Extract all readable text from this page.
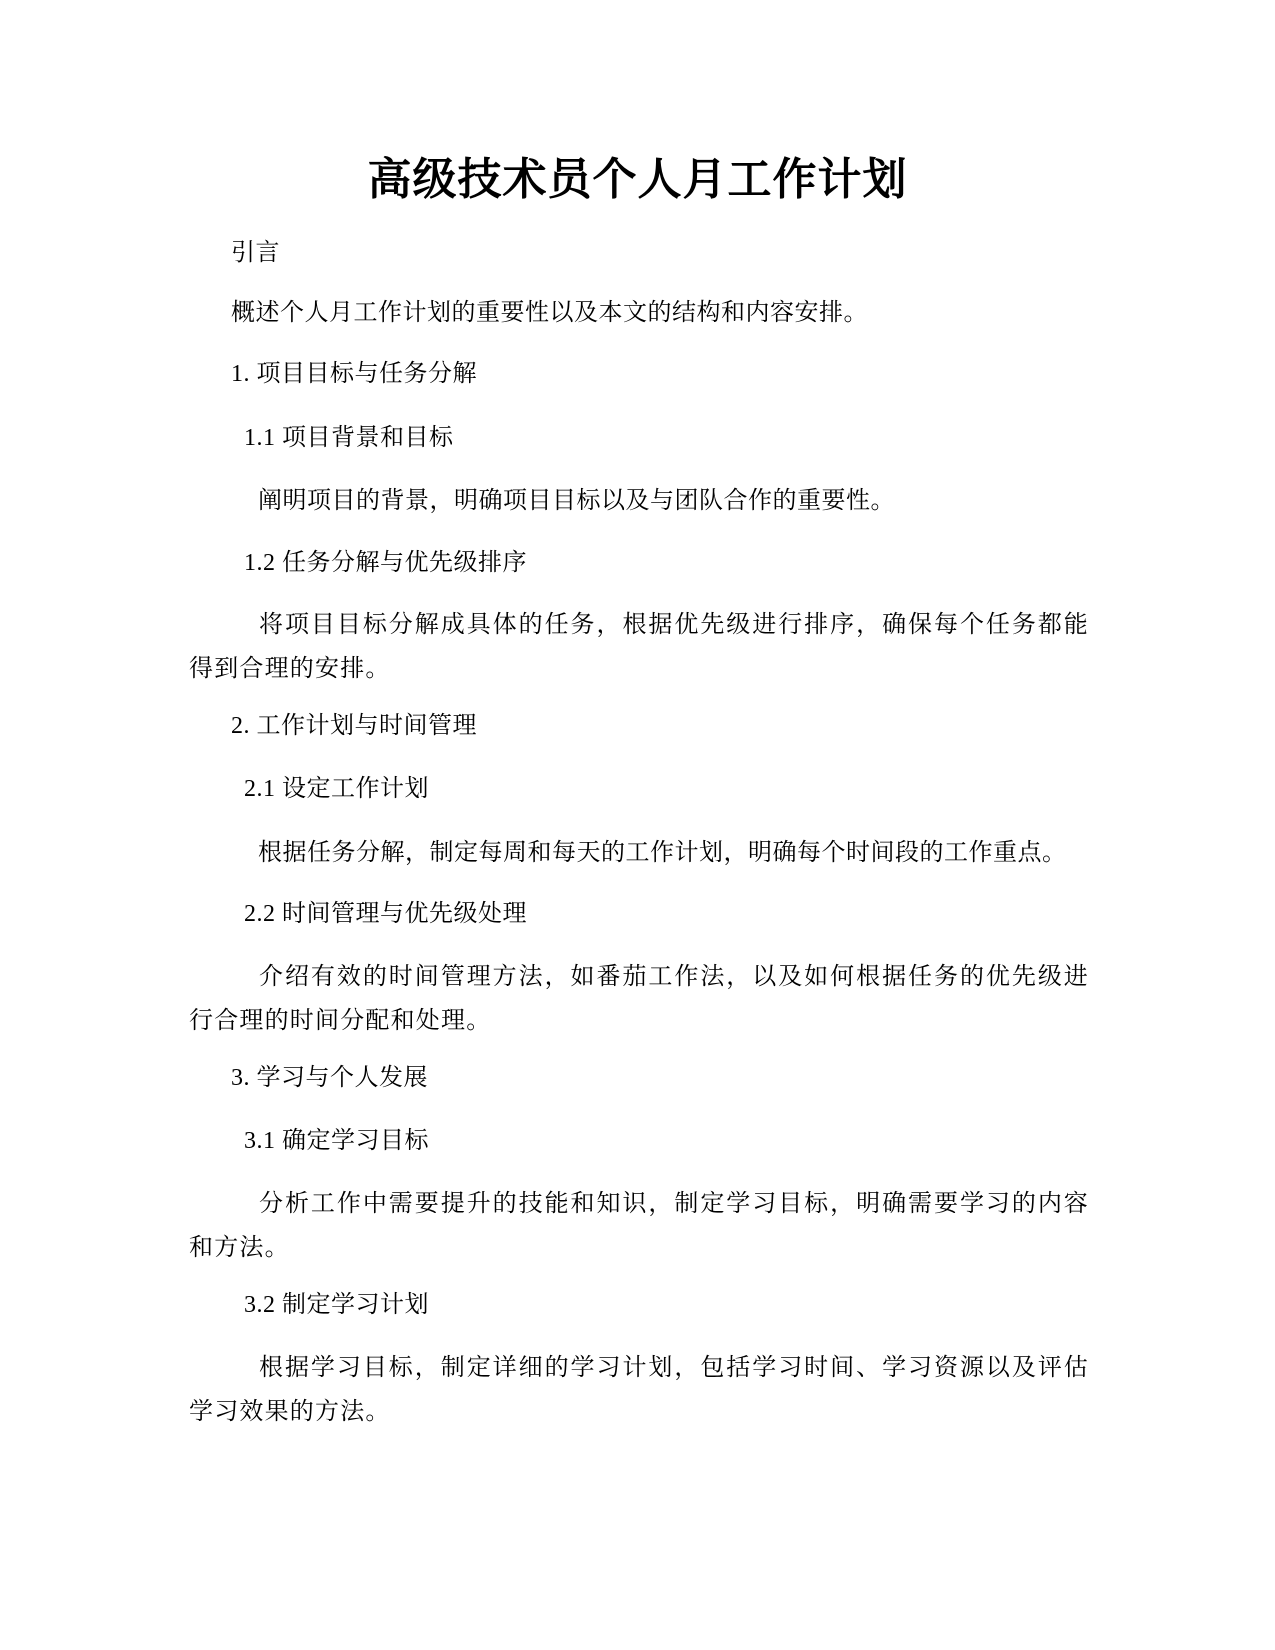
高级技术员个人月工作计划
引言
概述个人月工作计划的重要性以及本文的结构和内容安排。
1. 项目目标与任务分解
1.1 项目背景和目标
阐明项目的背景，明确项目目标以及与团队合作的重要性。
1.2 任务分解与优先级排序
将项目目标分解成具体的任务，根据优先级进行排序，确保每个任务都能得到合理的安排。
2. 工作计划与时间管理
2.1 设定工作计划
根据任务分解，制定每周和每天的工作计划，明确每个时间段的工作重点。
2.2 时间管理与优先级处理
介绍有效的时间管理方法，如番茄工作法，以及如何根据任务的优先级进行合理的时间分配和处理。
3. 学习与个人发展
3.1 确定学习目标
分析工作中需要提升的技能和知识，制定学习目标，明确需要学习的内容和方法。
3.2 制定学习计划
根据学习目标，制定详细的学习计划，包括学习时间、学习资源以及评估学习效果的方法。
